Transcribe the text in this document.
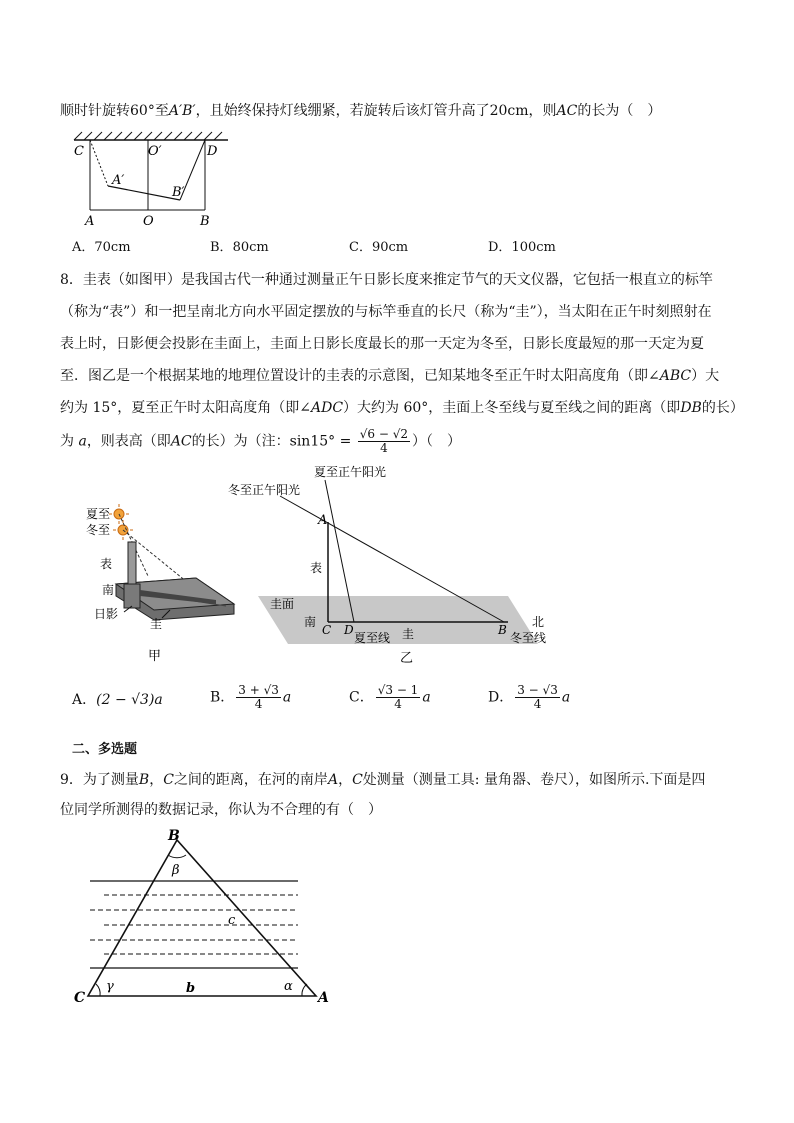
顺时针旋转60°至A′B′，且始终保持灯线绷紧，若旋转后该灯管升高了20cm，则AC的长为（　）
C	O′	D
A′
B′
A	O	B
A．70cm	B．80cm	C．90cm	D．100cm
8．圭表（如图甲）是我国古代一种通过测量正午日影长度来推定节气的天文仪器，它包括一根直立的标竿
（称为“表”）和一把呈南北方向水平固定摆放的与标竿垂直的长尺（称为“圭”），当太阳在正午时刻照射在
表上时，日影便会投影在圭面上，圭面上日影长度最长的那一天定为冬至，日影长度最短的那一天定为夏
至．图乙是一个根据某地的地理位置设计的圭表的示意图，已知某地冬至正午时太阳高度角（即∠ABC）大
约为 15°，夏至正午时太阳高度角（即∠ADC）大约为 60°，圭面上冬至线与夏至线之间的距离（即DB的长）
为 a，则表高（即AC的长）为（注：$\sin 15^\circ = \frac{√6 - √2}{4}$ ）（　）
夏至
冬至
表
南
日影
圭
甲
夏至正午阳光
冬至正午阳光
A
表
圭面
南
C D
夏至线 圭	B
北
冬至线
乙
A．(2 − √3)a	B． $\frac{3 + √3}{4}$ a	C． $\frac{√3 - 1}{4}$ a	D． $\frac{3 - √3}{4}$ a
二、多选题
9．为了测量B，C之间的距离，在河的南岸A，C处测量（测量工具: 量角器、卷尺），如图所示.下面是四
位同学所测得的数据记录，你认为不合理的有（　）
B
β
c
C
γ	b	α
A
